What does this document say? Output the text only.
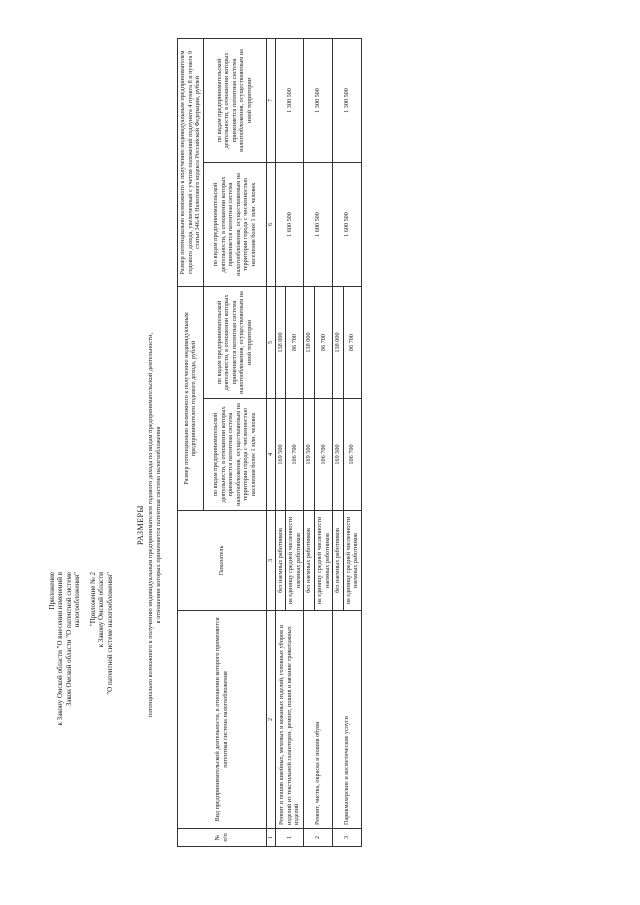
Приложение к Закону Омской области "О внесении изменений в Закон Омской области "О патентной системе налогообложения" "Приложение № 2 к Закону Омской области "О патентной системе налогообложения"
РАЗМЕРЫ потенциально возможного к получению индивидуальным предпринимателем годового дохода по видам предпринимательской деятельности, в отношении которых применяется патентная система налогообложения
№ п/п	Вид предпринимательской деятельности, в отношении которого применяется патентная система налогообложения	Показатель	Размер потенциально возможного к получению индивидуальным предпринимателем годового дохода, рублей		Размер потенциально возможного к получению индивидуальным предпринимателем годового дохода, увеличенный с учетом положений подпункта 4 пункта 8 и пункта 9 статьи 346.43 Налогового кодекса Российской Федерации, рублей	
			по видам предпринимательской деятельности, в отношении которых применяется патентная система налогообложения, осуществляемым на территории города с численностью населения более 1 млн. человек	по видам предпринимательской деятельности, в отношении которых применяется патентная система налогообложения, осуществляемым на иной территории	по видам предпринимательской деятельности, в отношении которых применяется патентная система налогообложения, осуществляемым на территории города с численностью населения более 1 млн. человек	по видам предпринимательской деятельности, в отношении которых применяется патентная система налогообложения, осуществляемым на иной территории
1	2	3	4	5	6	7
1	Ремонт и пошив швейных, меховых и кожаных изделий, головных уборов и изделий из текстильной галантереи, ремонт, пошив и вязание трикотажных изделий	без наемных работников	169 500	138 000	1 600 500	1 300 500
		на единицу средней численности наемных работников	106 700	86 700		
2	Ремонт, чистка, окраска и пошив обуви	без наемных работников	169 500	138 000	1 600 500	1 300 500
		на единицу средней численности наемных работников	106 700	86 700		
3	Парикмахерские и косметические услуги	без наемных работников	169 500	138 000	1 600 500	1 300 500
		на единицу средней численности наемных работников	106 700	86 700		
